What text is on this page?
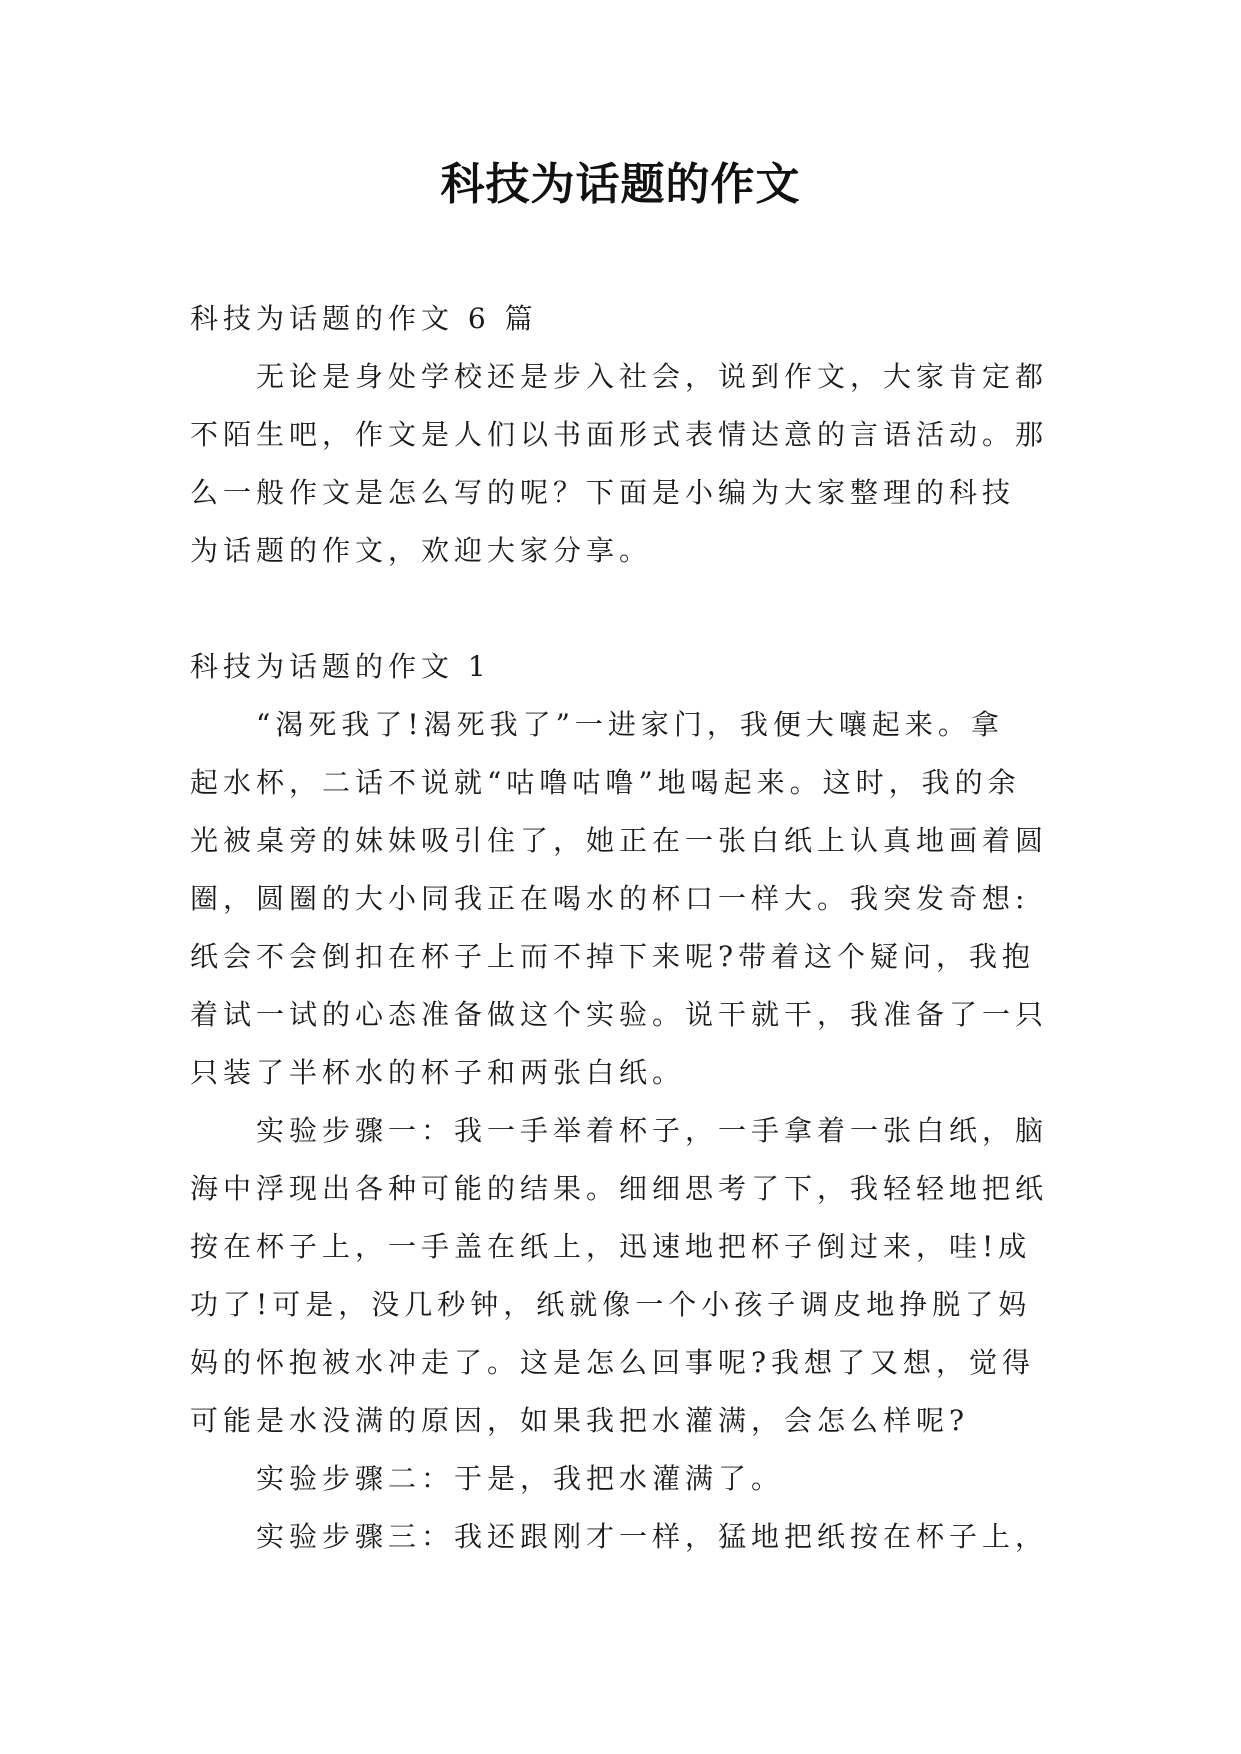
科技为话题的作文
科技为话题的作文 6 篇
无论是身处学校还是步入社会，说到作文，大家肯定都
不陌生吧，作文是人们以书面形式表情达意的言语活动。那
么一般作文是怎么写的呢？下面是小编为大家整理的科技
为话题的作文，欢迎大家分享。
科技为话题的作文 1
“渴死我了!渴死我了”一进家门，我便大嚷起来。拿
起水杯，二话不说就“咕噜咕噜”地喝起来。这时，我的余
光被桌旁的妹妹吸引住了，她正在一张白纸上认真地画着圆
圈，圆圈的大小同我正在喝水的杯口一样大。我突发奇想:
纸会不会倒扣在杯子上而不掉下来呢?带着这个疑问，我抱
着试一试的心态准备做这个实验。说干就干，我准备了一只
只装了半杯水的杯子和两张白纸。
实验步骤一：我一手举着杯子，一手拿着一张白纸，脑
海中浮现出各种可能的结果。细细思考了下，我轻轻地把纸
按在杯子上，一手盖在纸上，迅速地把杯子倒过来，哇!成
功了!可是，没几秒钟，纸就像一个小孩子调皮地挣脱了妈
妈的怀抱被水冲走了。这是怎么回事呢?我想了又想，觉得
可能是水没满的原因，如果我把水灌满，会怎么样呢?
实验步骤二：于是，我把水灌满了。
实验步骤三：我还跟刚才一样，猛地把纸按在杯子上，
